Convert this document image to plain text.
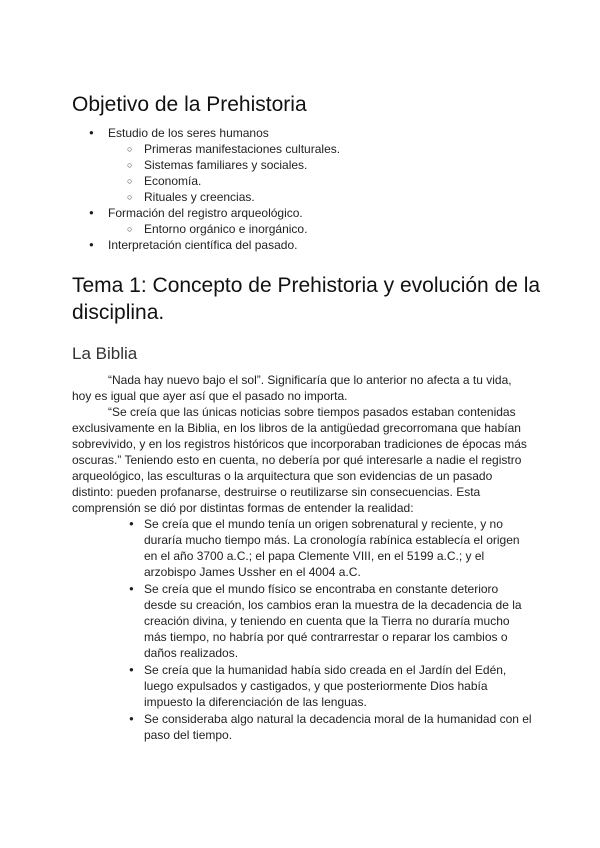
Objetivo de la Prehistoria
● Estudio de los seres humanos
○ Primeras manifestaciones culturales.
○ Sistemas familiares y sociales.
○ Economía.
○ Rituales y creencias.
● Formación del registro arqueológico.
○ Entorno orgánico e inorgánico.
● Interpretación científica del pasado.
Tema 1: Concepto de Prehistoria y evolución de la disciplina.
La Biblia

“Nada hay nuevo bajo el sol”. Significaría que lo anterior no afecta a tu vida, hoy es igual que ayer así que el pasado no importa.

“Se creía que las únicas noticias sobre tiempos pasados estaban contenidas exclusivamente en la Biblia, en los libros de la antigüedad grecorromana que habían sobrevivido, y en los registros históricos que incorporaban tradiciones de épocas más oscuras.” Teniendo esto en cuenta, no debería por qué interesarle a nadie el registro arqueológico, las esculturas o la arquitectura que son evidencias de un pasado distinto: pueden profanarse, destruirse o reutilizarse sin consecuencias. Esta comprensión se dió por distintas formas de entender la realidad:

● Se creía que el mundo tenía un origen sobrenatural y reciente, y no duraría mucho tiempo más. La cronología rabínica establecía el origen en el año 3700 a.C.; el papa Clemente VIII, en el 5199 a.C.; y el arzobispo James Ussher en el 4004 a.C.
● Se creía que el mundo físico se encontraba en constante deterioro desde su creación, los cambios eran la muestra de la decadencia de la creación divina, y teniendo en cuenta que la Tierra no duraría mucho más tiempo, no habría por qué contrarrestar o reparar los cambios o daños realizados.
● Se creía que la humanidad había sido creada en el Jardín del Edén, luego expulsados y castigados, y que posteriormente Dios había impuesto la diferenciación de las lenguas.
● Se consideraba algo natural la decadencia moral de la humanidad con el paso del tiempo.
